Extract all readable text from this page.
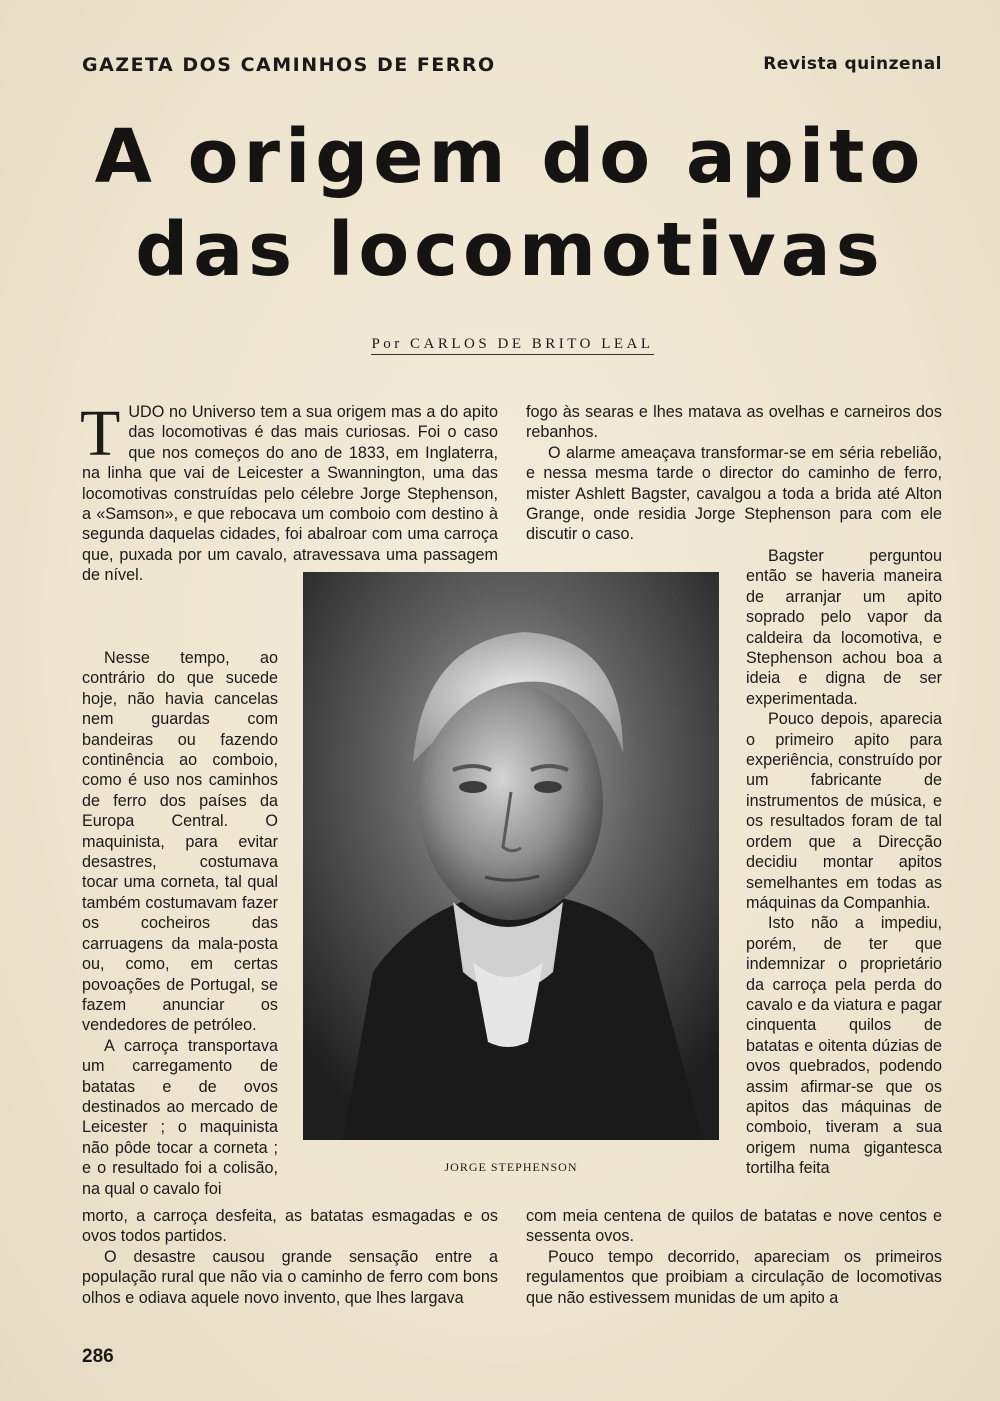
GAZETA DOS CAMINHOS DE FERRO	Revista quinzenal
A origem do apito
das locomotivas
Por CARLOS DE BRITO LEAL

TUDO no Universo tem a sua origem mas a do apito das locomotivas é das mais curiosas. Foi o caso que nos começos do ano de 1833, em Inglaterra, na linha que vai de Leicester a Swannington, uma das locomotivas construídas pelo célebre Jorge Stephenson, a «Samson», e que rebocava um comboio com destino à segunda daquelas cidades, foi abalroar com uma carroça que, puxada por um cavalo, atravessava uma passagem de nível.

Nesse tempo, ao contrário do que sucede hoje, não havia cancelas nem guardas com bandeiras ou fazendo continência ao comboio, como é uso nos caminhos de ferro dos países da Europa Central. O maquinista, para evitar desastres, costumava tocar uma corneta, tal qual também costumavam fazer os cocheiros das carruagens da mala-posta ou, como, em certas povoações de Portugal, se fazem anunciar os vendedores de petróleo.

A carroça transportava um carregamento de batatas e de ovos destinados ao mercado de Leicester ; o maquinista não pôde tocar a corneta ; e o resultado foi a colisão, na qual o cavalo foi

morto, a carroça desfeita, as batatas esmagadas e os ovos todos partidos.

O desastre causou grande sensação entre a população rural que não via o caminho de ferro com bons olhos e odiava aquele novo invento, que lhes largava

fogo às searas e lhes matava as ovelhas e carneiros dos rebanhos.

O alarme ameaçava transformar-se em séria rebelião, e nessa mesma tarde o director do caminho de ferro, mister Ashlett Bagster, cavalgou a toda a brida até Alton Grange, onde residia Jorge Stephenson para com ele discutir o caso.

Bagster perguntou então se haveria maneira de arranjar um apito soprado pelo vapor da caldeira da locomotiva, e Stephenson achou boa a ideia e digna de ser experimentada.

Pouco depois, aparecia o primeiro apito para experiência, construído por um fabricante de instrumentos de música, e os resultados foram de tal ordem que a Direcção decidiu montar apitos semelhantes em todas as máquinas da Companhia.

Isto não a impediu, porém, de ter que indemnizar o proprietário da carroça pela perda do cavalo e da viatura e pagar cinquenta quilos de batatas e oitenta dúzias de ovos quebrados, podendo assim afirmar-se que os apitos das máquinas de comboio, tiveram a sua origem numa gigantesca tortilha feita

com meia centena de quilos de batatas e nove centos e sessenta ovos.

Pouco tempo decorrido, apareciam os primeiros regulamentos que proibiam a circulação de locomotivas que não estivessem munidas de um apito a

JORGE STEPHENSON
286
